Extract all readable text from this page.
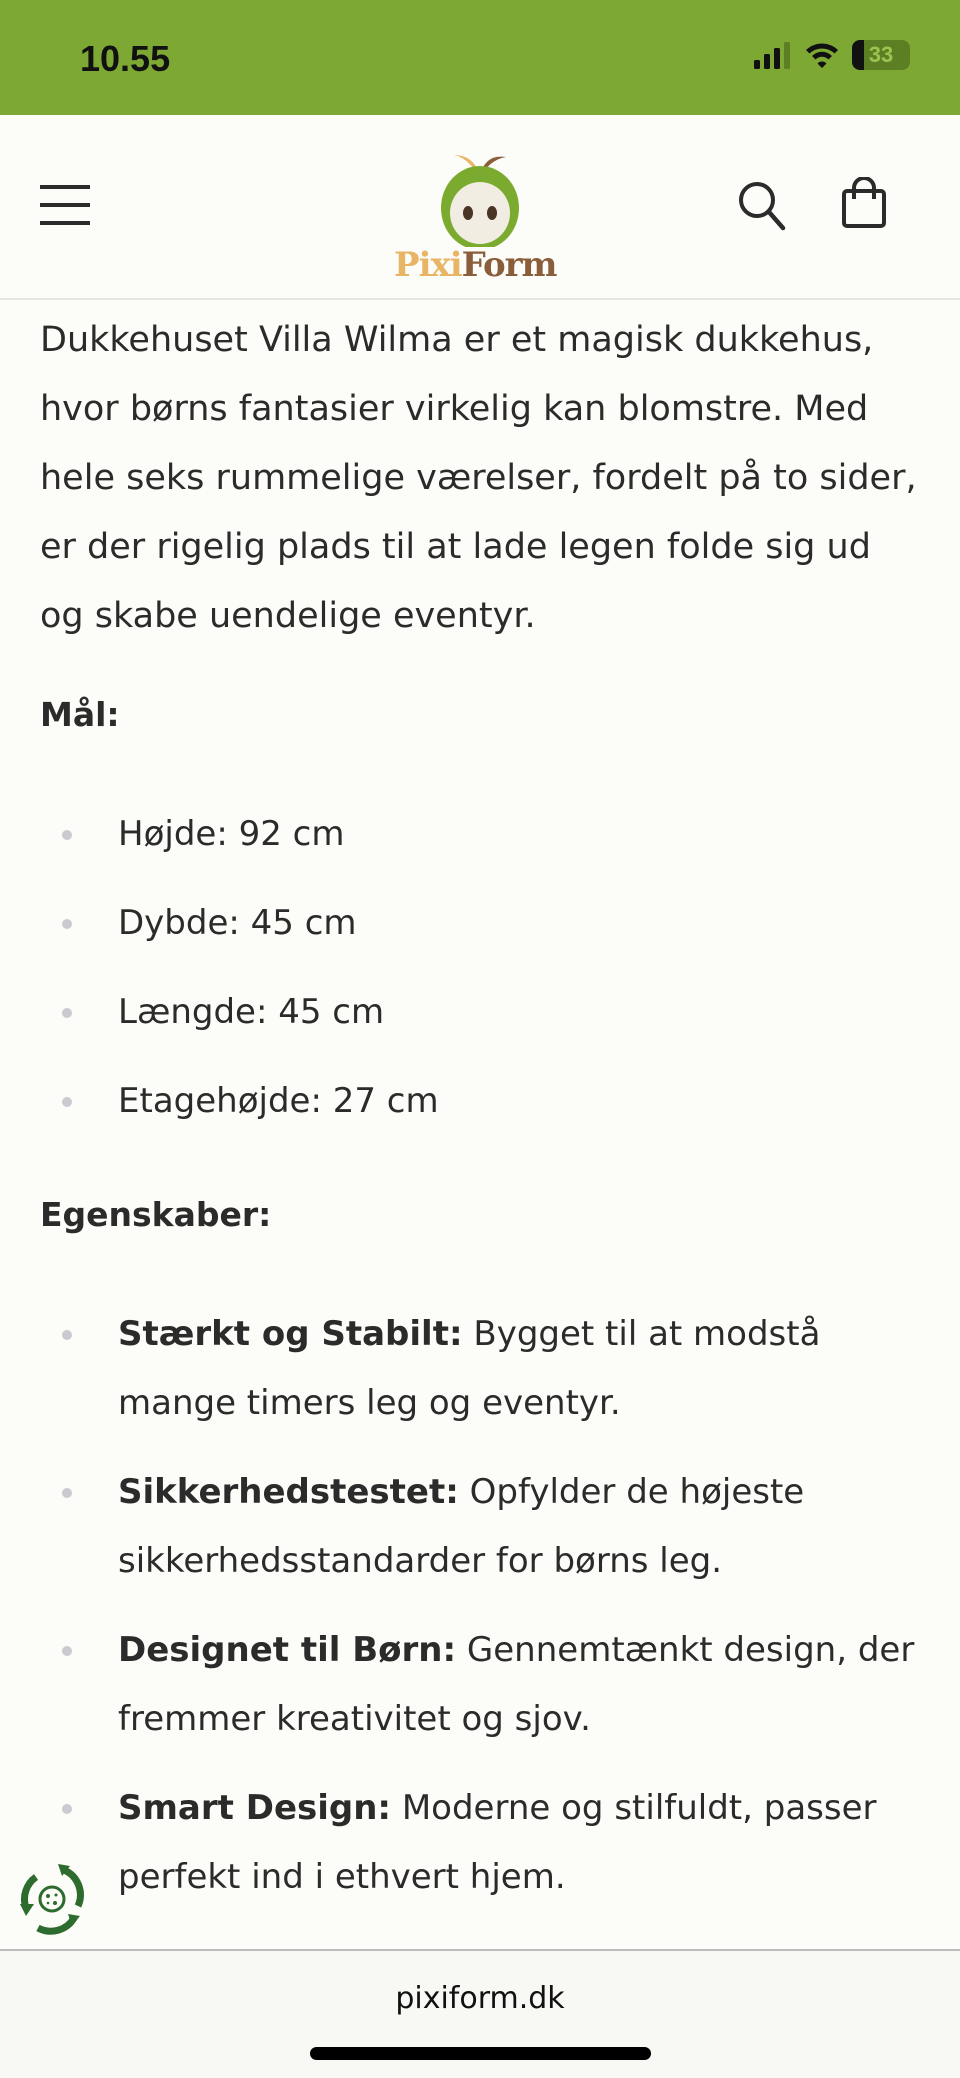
10.55	33
PixiForm

Dukkehuset Villa Wilma er et magisk dukkehus, hvor børns fantasier virkelig kan blomstre. Med hele seks rummelige værelser, fordelt på to sider, er der rigelig plads til at lade legen folde sig ud og skabe uendelige eventyr.

Mål:
Højde: 92 cm
Dybde: 45 cm
Længde: 45 cm
Etagehøjde: 27 cm
Egenskaber:
Stærkt og Stabilt: Bygget til at modstå mange timers leg og eventyr.
Sikkerhedstestet: Opfylder de højeste sikkerhedsstandarder for børns leg.
Designet til Børn: Gennemtænkt design, der fremmer kreativitet og sjov.
Smart Design: Moderne og stilfuldt, passer perfekt ind i ethvert hjem.
pixiform.dk
